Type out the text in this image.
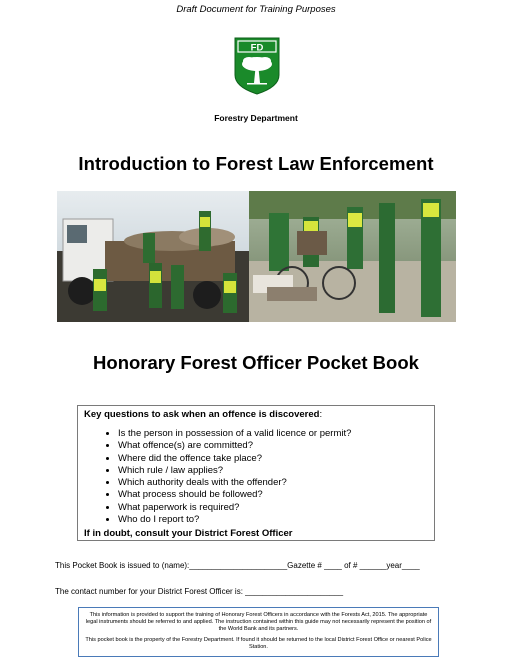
Draft Document for Training Purposes
FD
Forestry Department
Introduction to Forest Law Enforcement
Honorary Forest Officer Pocket Book

Key questions to ask when an offence is discovered:

• Is the person in possession of a valid licence or permit?
• What offence(s) are committed?
• Where did the offence take place?
• Which rule / law applies?
• Which authority deals with the offender?
• What process should be followed?
• What paperwork is required?
• Who do I report to?
If in doubt, consult your District Forest Officer
This Pocket Book is issued to (name):______________________Gazette # ____ of # ______year____
The contact number for your District Forest Officer is: ______________________

This information is provided to support the training of Honorary Forest Officers in accordance with the Forests Act, 2015. The appropriate legal instruments should be referred to and applied. The instruction contained within this guide may not necessarily represent the position of the World Bank and its partners.

This pocket book is the property of the Forestry Department. If found it should be returned to the local District Forest Office or nearest Police Station.
